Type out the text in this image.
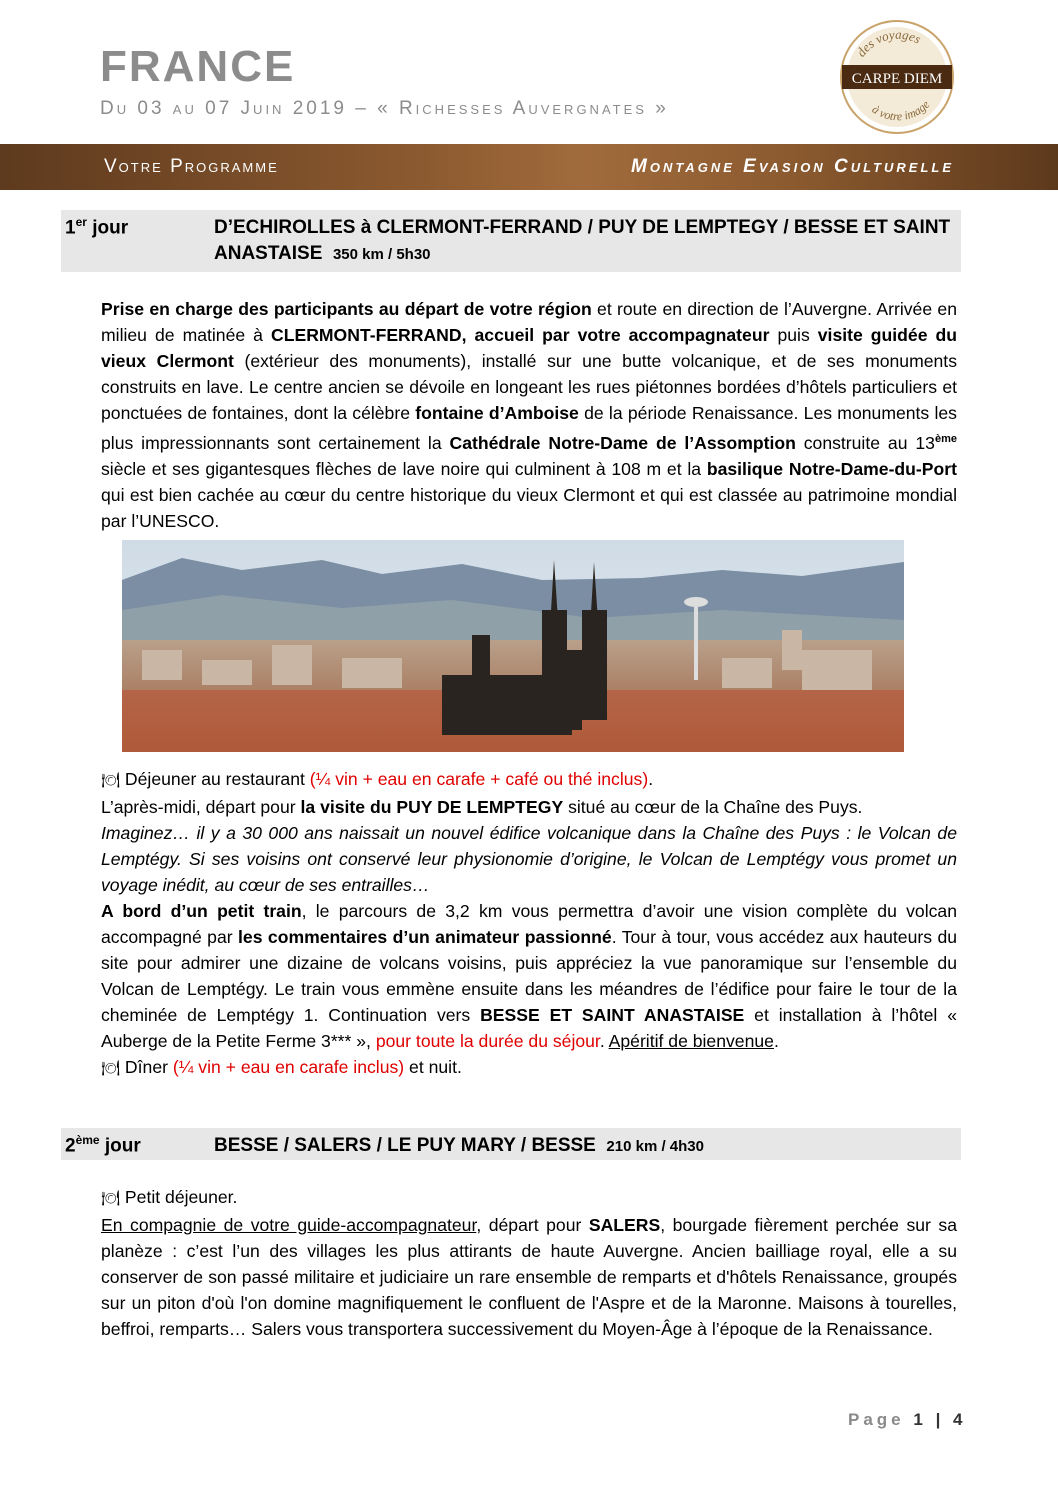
FRANCE
Du 03 au 07 Juin 2019 – « Richesses Auvergnates »
des voyages
CARPE DIEM
à votre image
Votre Programme	Montagne Evasion Culturelle
1er jour	D’ECHIROLLES à CLERMONT-FERRAND / PUY DE LEMPTEGY / BESSE ET SAINT ANASTAISE 350 km / 5h30

Prise en charge des participants au départ de votre région et route en direction de l’Auvergne. Arrivée en milieu de matinée à CLERMONT-FERRAND, accueil par votre accompagnateur puis visite guidée du vieux Clermont (extérieur des monuments), installé sur une butte volcanique, et de ses monuments construits en lave. Le centre ancien se dévoile en longeant les rues piétonnes bordées d’hôtels particuliers et ponctuées de fontaines, dont la célèbre fontaine d’Amboise de la période Renaissance. Les monuments les plus impressionnants sont certainement la Cathédrale Notre-Dame de l’Assomption construite au 13ème siècle et ses gigantesques flèches de lave noire qui culminent à 108 m et la basilique Notre-Dame-du-Port qui est bien cachée au cœur du centre historique du vieux Clermont et qui est classée au patrimoine mondial par l’UNESCO.

🍽 Déjeuner au restaurant (¼ vin + eau en carafe + café ou thé inclus).

L’après-midi, départ pour la visite du PUY DE LEMPTEGY situé au cœur de la Chaîne des Puys.

Imaginez… il y a 30 000 ans naissait un nouvel édifice volcanique dans la Chaîne des Puys : le Volcan de Lemptégy. Si ses voisins ont conservé leur physionomie d’origine, le Volcan de Lemptégy vous promet un voyage inédit, au cœur de ses entrailles…

A bord d’un petit train, le parcours de 3,2 km vous permettra d’avoir une vision complète du volcan accompagné par les commentaires d’un animateur passionné. Tour à tour, vous accédez aux hauteurs du site pour admirer une dizaine de volcans voisins, puis appréciez la vue panoramique sur l’ensemble du Volcan de Lemptégy. Le train vous emmène ensuite dans les méandres de l’édifice pour faire le tour de la cheminée de Lemptégy 1. Continuation vers BESSE ET SAINT ANASTAISE et installation à l’hôtel « Auberge de la Petite Ferme 3*** », pour toute la durée du séjour. Apéritif de bienvenue.

🍽 Dîner (¼ vin + eau en carafe inclus) et nuit.

2ème jour	BESSE / SALERS / LE PUY MARY / BESSE 210 km / 4h30

🍽 Petit déjeuner.

En compagnie de votre guide-accompagnateur, départ pour SALERS, bourgade fièrement perchée sur sa planèze : c’est l’un des villages les plus attirants de haute Auvergne. Ancien bailliage royal, elle a su conserver de son passé militaire et judiciaire un rare ensemble de remparts et d'hôtels Renaissance, groupés sur un piton d'où l'on domine magnifiquement le confluent de l'Aspre et de la Maronne. Maisons à tourelles, beffroi, remparts… Salers vous transportera successivement du Moyen-Âge à l’époque de la Renaissance.

Page 1 | 4
